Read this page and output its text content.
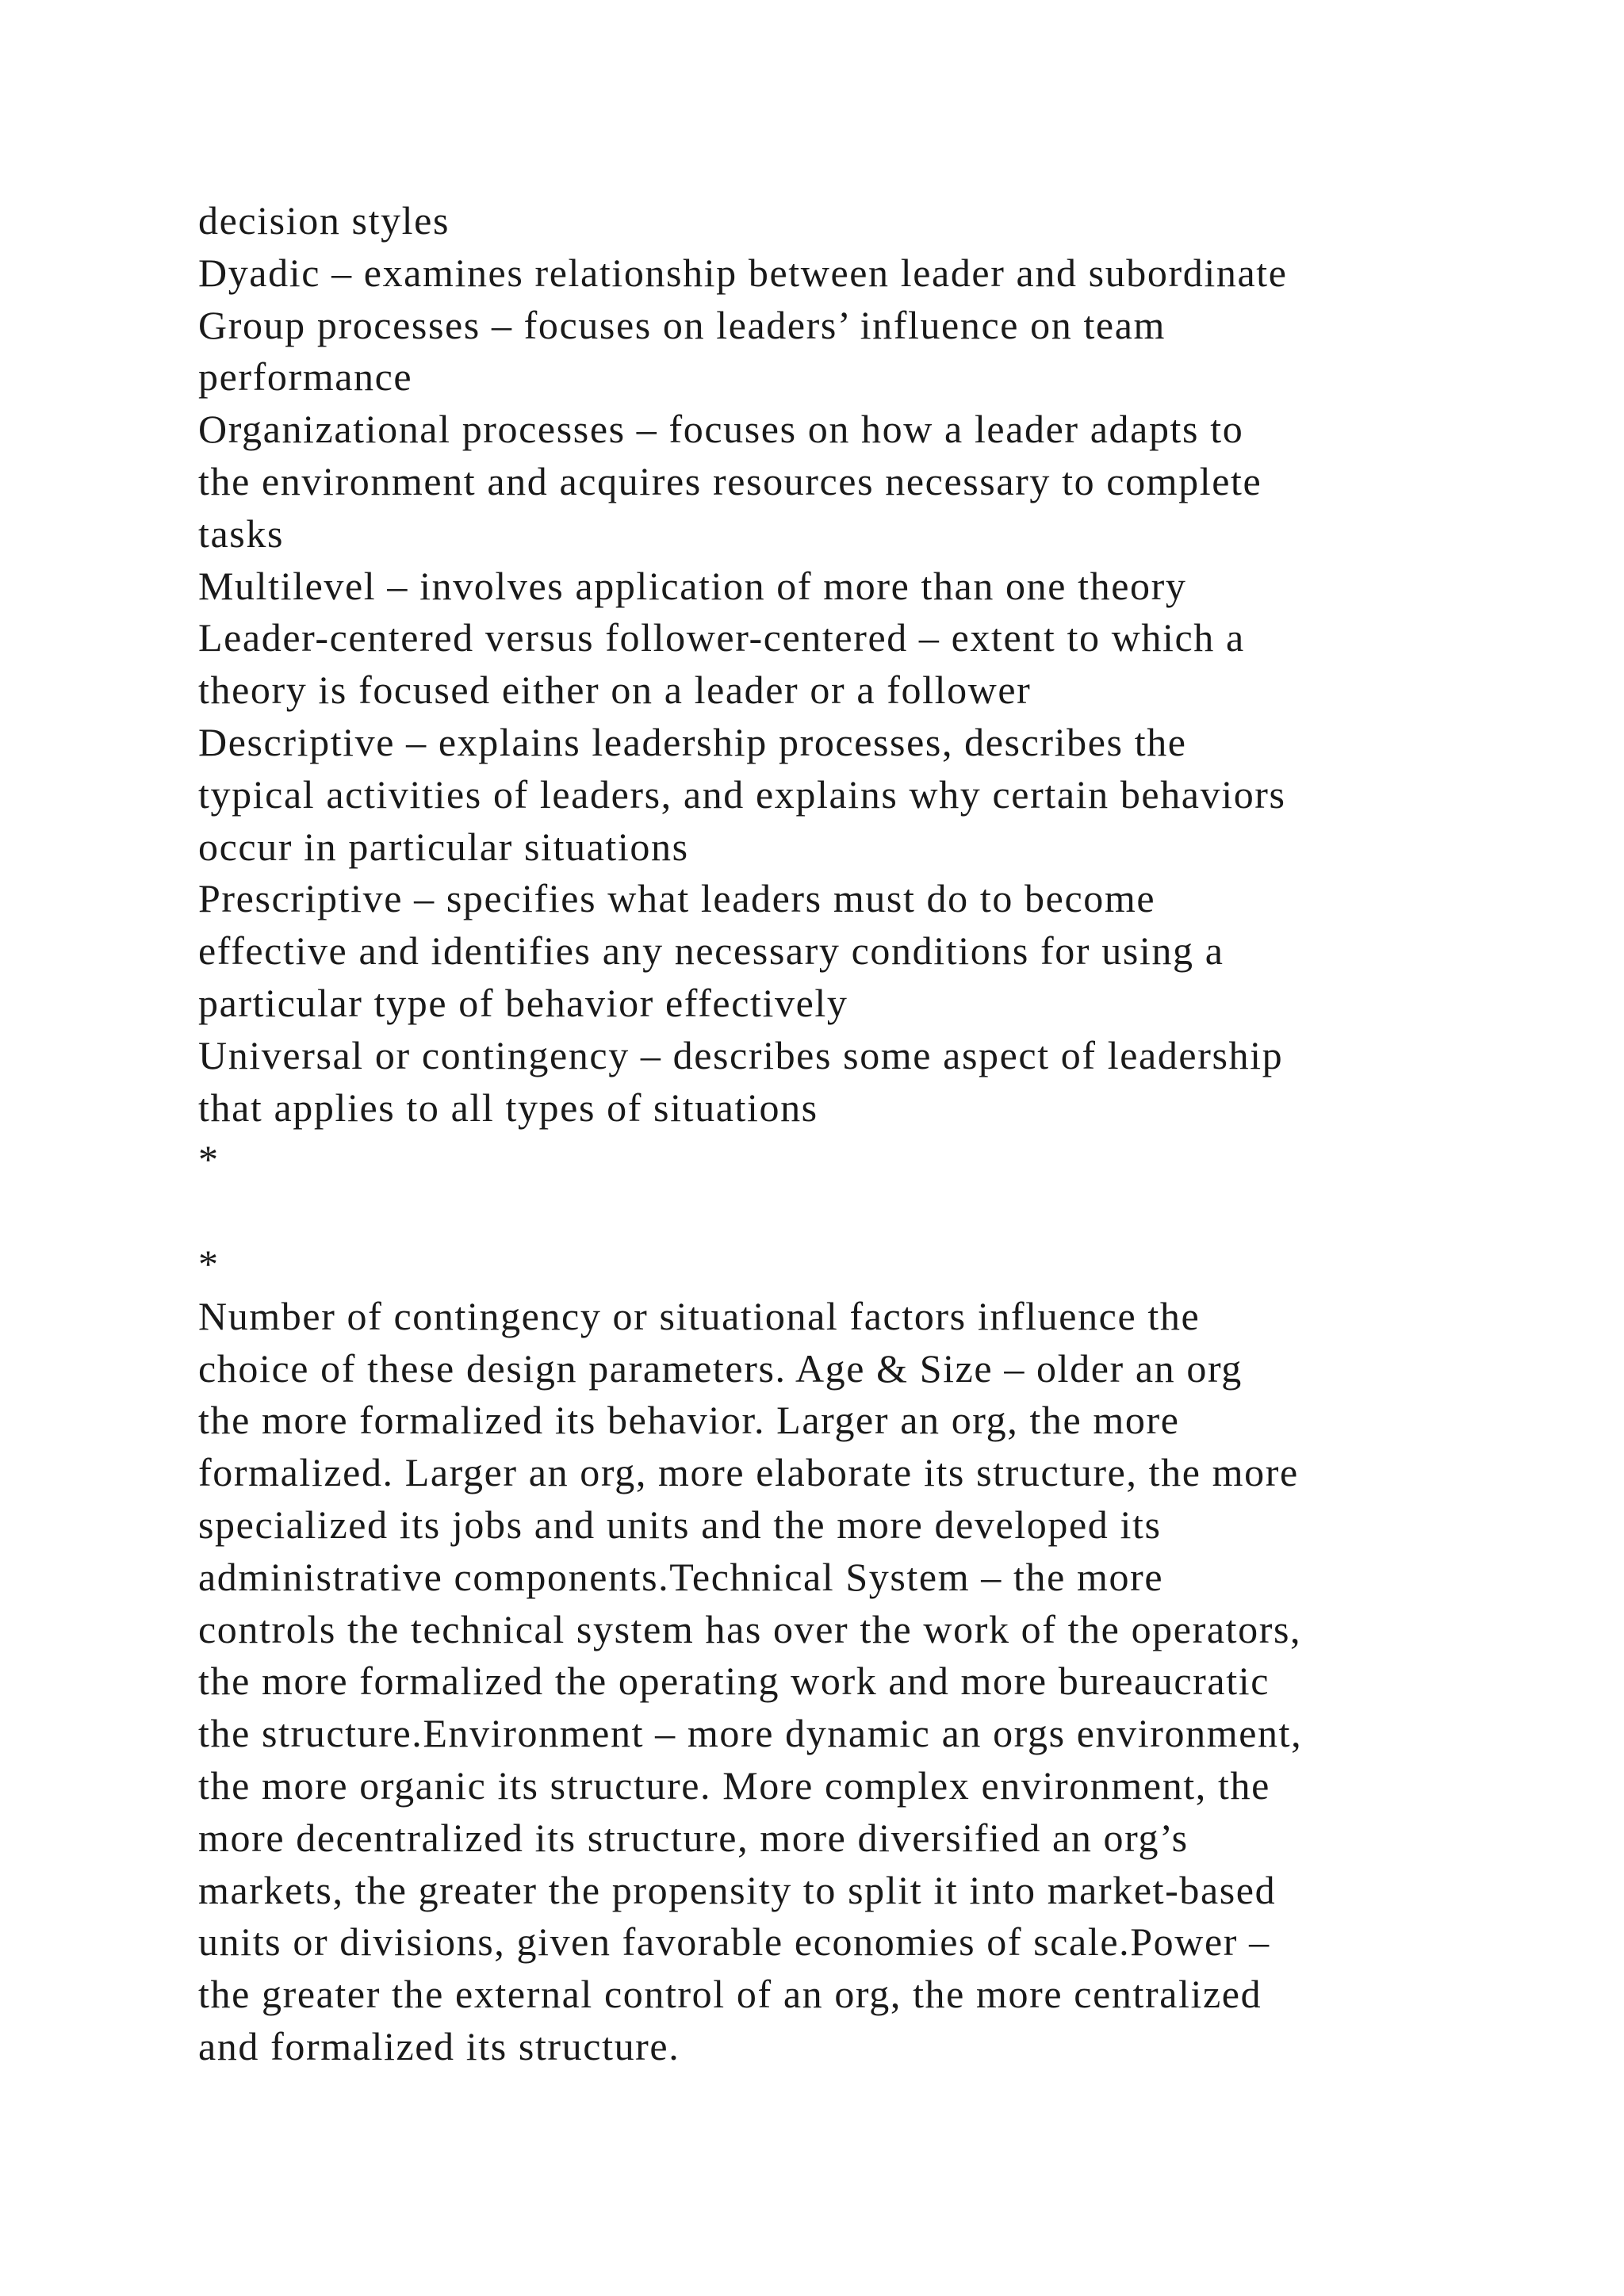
decision styles
Dyadic – examines relationship between leader and subordinate
Group processes – focuses on leaders’ influence on team
performance
Organizational processes – focuses on how a leader adapts to
the environment and acquires resources necessary to complete
tasks
Multilevel – involves application of more than one theory
Leader-centered versus follower-centered – extent to which a
theory is focused either on a leader or a follower
Descriptive – explains leadership processes, describes the
typical activities of leaders, and explains why certain behaviors
occur in particular situations
Prescriptive – specifies what leaders must do to become
effective and identifies any necessary conditions for using a
particular type of behavior effectively
Universal or contingency – describes some aspect of leadership
that applies to all types of situations
*
*
Number of contingency or situational factors influence the
choice of these design parameters. Age & Size – older an org
the more formalized its behavior. Larger an org, the more
formalized. Larger an org, more elaborate its structure, the more
specialized its jobs and units and the more developed its
administrative components.Technical System – the more
controls the technical system has over the work of the operators,
the more formalized the operating work and more bureaucratic
the structure.Environment – more dynamic an orgs environment,
the more organic its structure. More complex environment, the
more decentralized its structure, more diversified an org’s
markets, the greater the propensity to split it into market-based
units or divisions, given favorable economies of scale.Power –
the greater the external control of an org, the more centralized
and formalized its structure.
